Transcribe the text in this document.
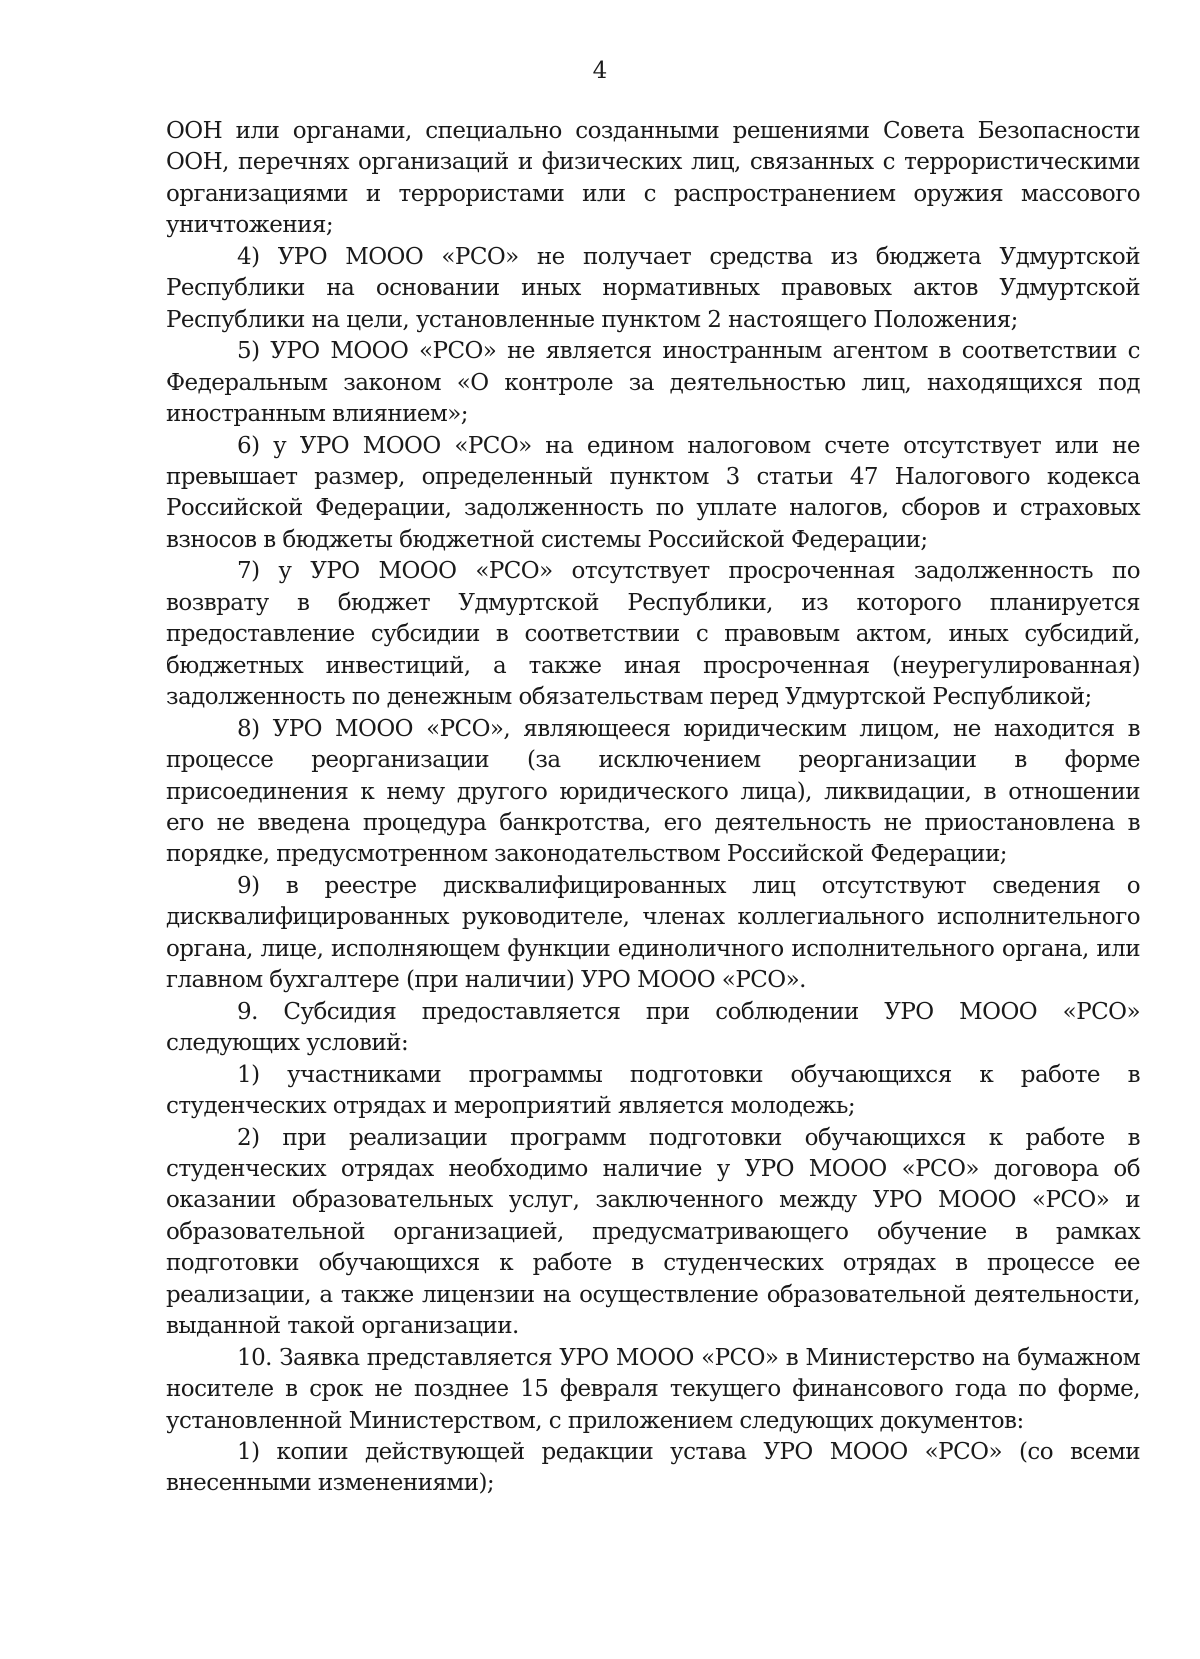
4

ООН или органами, специально созданными решениями Совета Безопасности ООН, перечнях организаций и физических лиц, связанных с террористическими организациями и террористами или с распространением оружия массового уничтожения;

4) УРО МООО «РСО» не получает средства из бюджета Удмуртской Республики на основании иных нормативных правовых актов Удмуртской Республики на цели, установленные пунктом 2 настоящего Положения;

5) УРО МООО «РСО» не является иностранным агентом в соответствии с Федеральным законом «О контроле за деятельностью лиц, находящихся под иностранным влиянием»;

6) у УРО МООО «РСО» на едином налоговом счете отсутствует или не превышает размер, определенный пунктом 3 статьи 47 Налогового кодекса Российской Федерации, задолженность по уплате налогов, сборов и страховых взносов в бюджеты бюджетной системы Российской Федерации;

7) у УРО МООО «РСО» отсутствует просроченная задолженность по возврату в бюджет Удмуртской Республики, из которого планируется предоставление субсидии в соответствии с правовым актом, иных субсидий, бюджетных инвестиций, а также иная просроченная (неурегулированная) задолженность по денежным обязательствам перед Удмуртской Республикой;

8) УРО МООО «РСО», являющееся юридическим лицом, не находится в процессе реорганизации (за исключением реорганизации в форме присоединения к нему другого юридического лица), ликвидации, в отношении его не введена процедура банкротства, его деятельность не приостановлена в порядке, предусмотренном законодательством Российской Федерации;

9) в реестре дисквалифицированных лиц отсутствуют сведения о дисквалифицированных руководителе, членах коллегиального исполнительного органа, лице, исполняющем функции единоличного исполнительного органа, или главном бухгалтере (при наличии) УРО МООО «РСО».

9. Субсидия предоставляется при соблюдении УРО МООО «РСО» следующих условий:

1) участниками программы подготовки обучающихся к работе в студенческих отрядах и мероприятий является молодежь;

2) при реализации программ подготовки обучающихся к работе в студенческих отрядах необходимо наличие у УРО МООО «РСО» договора об оказании образовательных услуг, заключенного между УРО МООО «РСО» и образовательной организацией, предусматривающего обучение в рамках подготовки обучающихся к работе в студенческих отрядах в процессе ее реализации, а также лицензии на осуществление образовательной деятельности, выданной такой организации.

10. Заявка представляется УРО МООО «РСО» в Министерство на бумажном носителе в срок не позднее 15 февраля текущего финансового года по форме, установленной Министерством, с приложением следующих документов:

1) копии действующей редакции устава УРО МООО «РСО» (со всеми внесенными изменениями);
